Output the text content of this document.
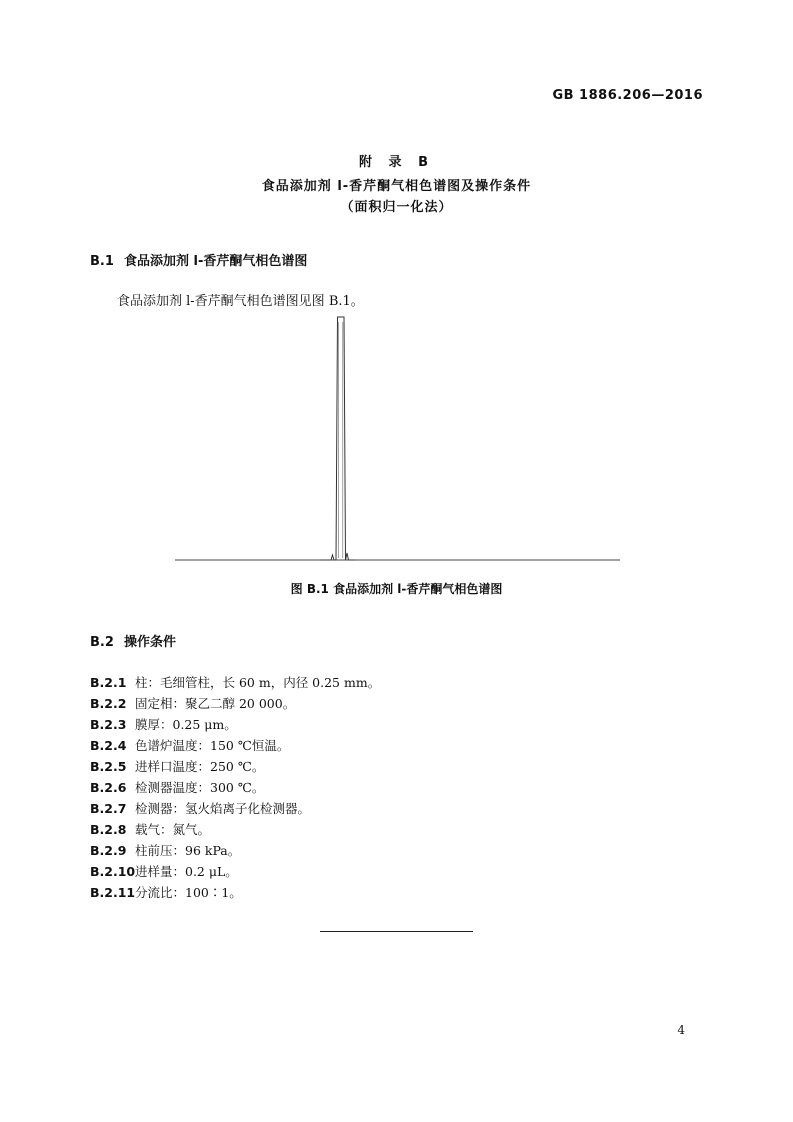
GB 1886.206—2016
附 录 B
食品添加剂 l-香芹酮气相色谱图及操作条件
（面积归一化法）
B.1 食品添加剂 l-香芹酮气相色谱图
食品添加剂 l-香芹酮气相色谱图见图 B.1。
图 B.1 食品添加剂 l-香芹酮气相色谱图
B.2 操作条件
B.2.1 柱：毛细管柱，长 60 m，内径 0.25 mm。
B.2.2 固定相：聚乙二醇 20 000。
B.2.3 膜厚：0.25 μm。
B.2.4 色谱炉温度：150 ℃恒温。
B.2.5 进样口温度：250 ℃。
B.2.6 检测器温度：300 ℃。
B.2.7 检测器：氢火焰离子化检测器。
B.2.8 载气：氮气。
B.2.9 柱前压：96 kPa。
B.2.10进样量：0.2 μL。
B.2.11分流比：100∶1。
4
